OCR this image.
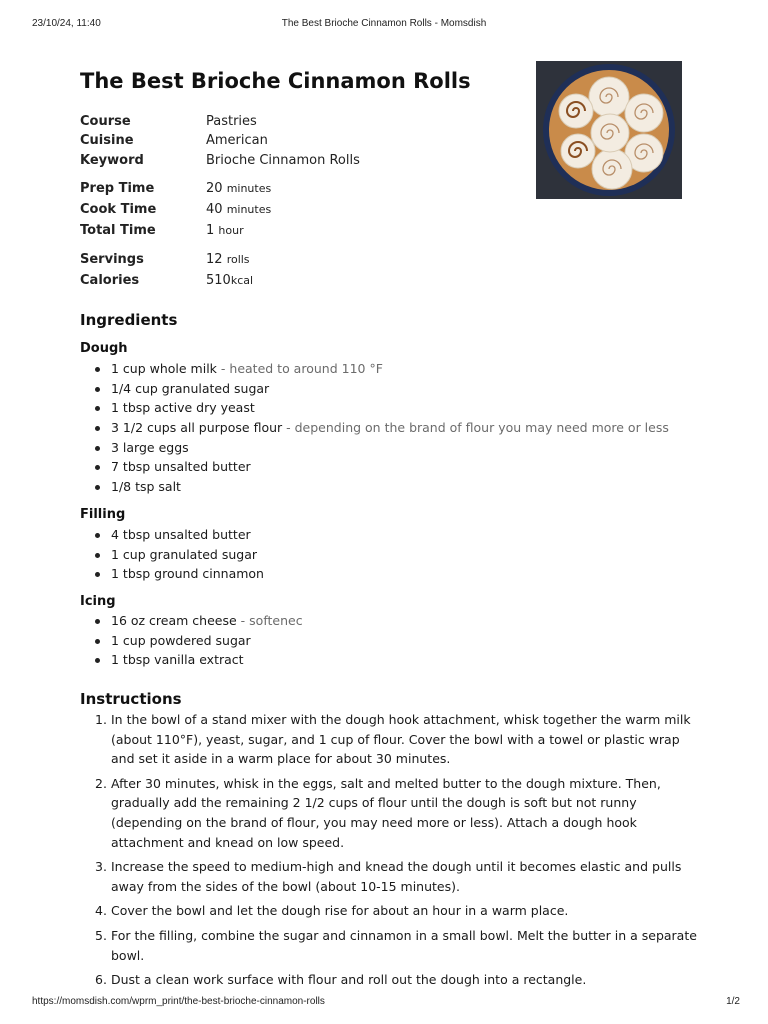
23/10/24, 11:40	The Best Brioche Cinnamon Rolls - Momsdish
The Best Brioche Cinnamon Rolls
Course	Pastries
Cuisine	American
Keyword	Brioche Cinnamon Rolls
Prep Time	20 minutes
Cook Time	40 minutes
Total Time	1 hour
Servings	12 rolls
Calories	510kcal
Ingredients
Dough
1 cup whole milk - heated to around 110 °F
1/4 cup granulated sugar
1 tbsp active dry yeast
3 1/2 cups all purpose flour - depending on the brand of flour you may need more or less
3 large eggs
7 tbsp unsalted butter
1/8 tsp salt
Filling
4 tbsp unsalted butter
1 cup granulated sugar
1 tbsp ground cinnamon
Icing
16 oz cream cheese - softenec
1 cup powdered sugar
1 tbsp vanilla extract
Instructions
1. In the bowl of a stand mixer with the dough hook attachment, whisk together the warm milk (about 110°F), yeast, sugar, and 1 cup of flour. Cover the bowl with a towel or plastic wrap and set it aside in a warm place for about 30 minutes.
2. After 30 minutes, whisk in the eggs, salt and melted butter to the dough mixture. Then, gradually add the remaining 2 1/2 cups of flour until the dough is soft but not runny (depending on the brand of flour, you may need more or less). Attach a dough hook attachment and knead on low speed.
3. Increase the speed to medium-high and knead the dough until it becomes elastic and pulls away from the sides of the bowl (about 10-15 minutes).
4. Cover the bowl and let the dough rise for about an hour in a warm place.
5. For the filling, combine the sugar and cinnamon in a small bowl. Melt the butter in a separate bowl.
6. Dust a clean work surface with flour and roll out the dough into a rectangle.
https://momsdish.com/wprm_print/the-best-brioche-cinnamon-rolls	1/2
